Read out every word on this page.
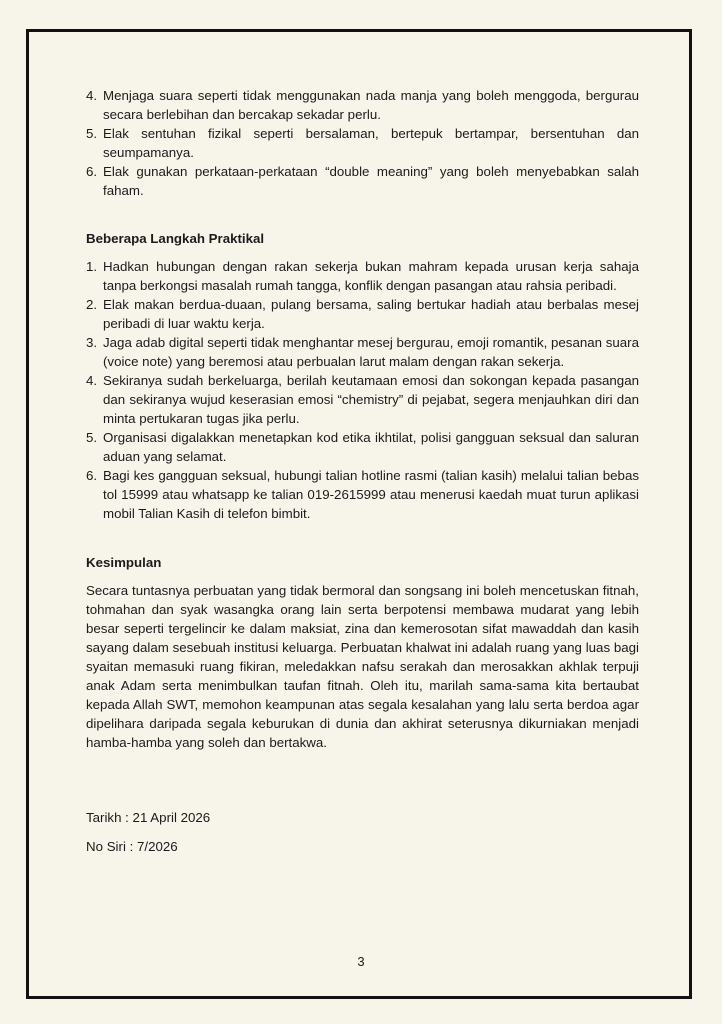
4. Menjaga suara seperti tidak menggunakan nada manja yang boleh menggoda, bergurau secara berlebihan dan bercakap sekadar perlu.
5. Elak sentuhan fizikal seperti bersalaman, bertepuk bertampar, bersentuhan dan seumpamanya.
6. Elak gunakan perkataan-perkataan “double meaning” yang boleh menyebabkan salah faham.

Beberapa Langkah Praktikal

1. Hadkan hubungan dengan rakan sekerja bukan mahram kepada urusan kerja sahaja tanpa berkongsi masalah rumah tangga, konflik dengan pasangan atau rahsia peribadi.
2. Elak makan berdua-duaan, pulang bersama, saling bertukar hadiah atau berbalas mesej peribadi di luar waktu kerja.
3. Jaga adab digital seperti tidak menghantar mesej bergurau, emoji romantik, pesanan suara (voice note) yang beremosi atau perbualan larut malam dengan rakan sekerja.
4. Sekiranya sudah berkeluarga, berilah keutamaan emosi dan sokongan kepada pasangan dan sekiranya wujud keserasian emosi “chemistry” di pejabat, segera menjauhkan diri dan minta pertukaran tugas jika perlu.
5. Organisasi digalakkan menetapkan kod etika ikhtilat, polisi gangguan seksual dan saluran aduan yang selamat.
6. Bagi kes gangguan seksual, hubungi talian hotline rasmi (talian kasih) melalui talian bebas tol 15999 atau whatsapp ke talian 019-2615999 atau menerusi kaedah muat turun aplikasi mobil Talian Kasih di telefon bimbit.

Kesimpulan

Secara tuntasnya perbuatan yang tidak bermoral dan songsang ini boleh mencetuskan fitnah, tohmahan dan syak wasangka orang lain serta berpotensi membawa mudarat yang lebih besar seperti tergelincir ke dalam maksiat, zina dan kemerosotan sifat mawaddah dan kasih sayang dalam sesebuah institusi keluarga. Perbuatan khalwat ini adalah ruang yang luas bagi syaitan memasuki ruang fikiran, meledakkan nafsu serakah dan merosakkan akhlak terpuji anak Adam serta menimbulkan taufan fitnah. Oleh itu, marilah sama-sama kita bertaubat kepada Allah SWT, memohon keampunan atas segala kesalahan yang lalu serta berdoa agar dipelihara daripada segala keburukan di dunia dan akhirat seterusnya dikurniakan menjadi hamba-hamba yang soleh dan bertakwa.

Tarikh : 21 April 2026

No Siri : 7/2026

3
